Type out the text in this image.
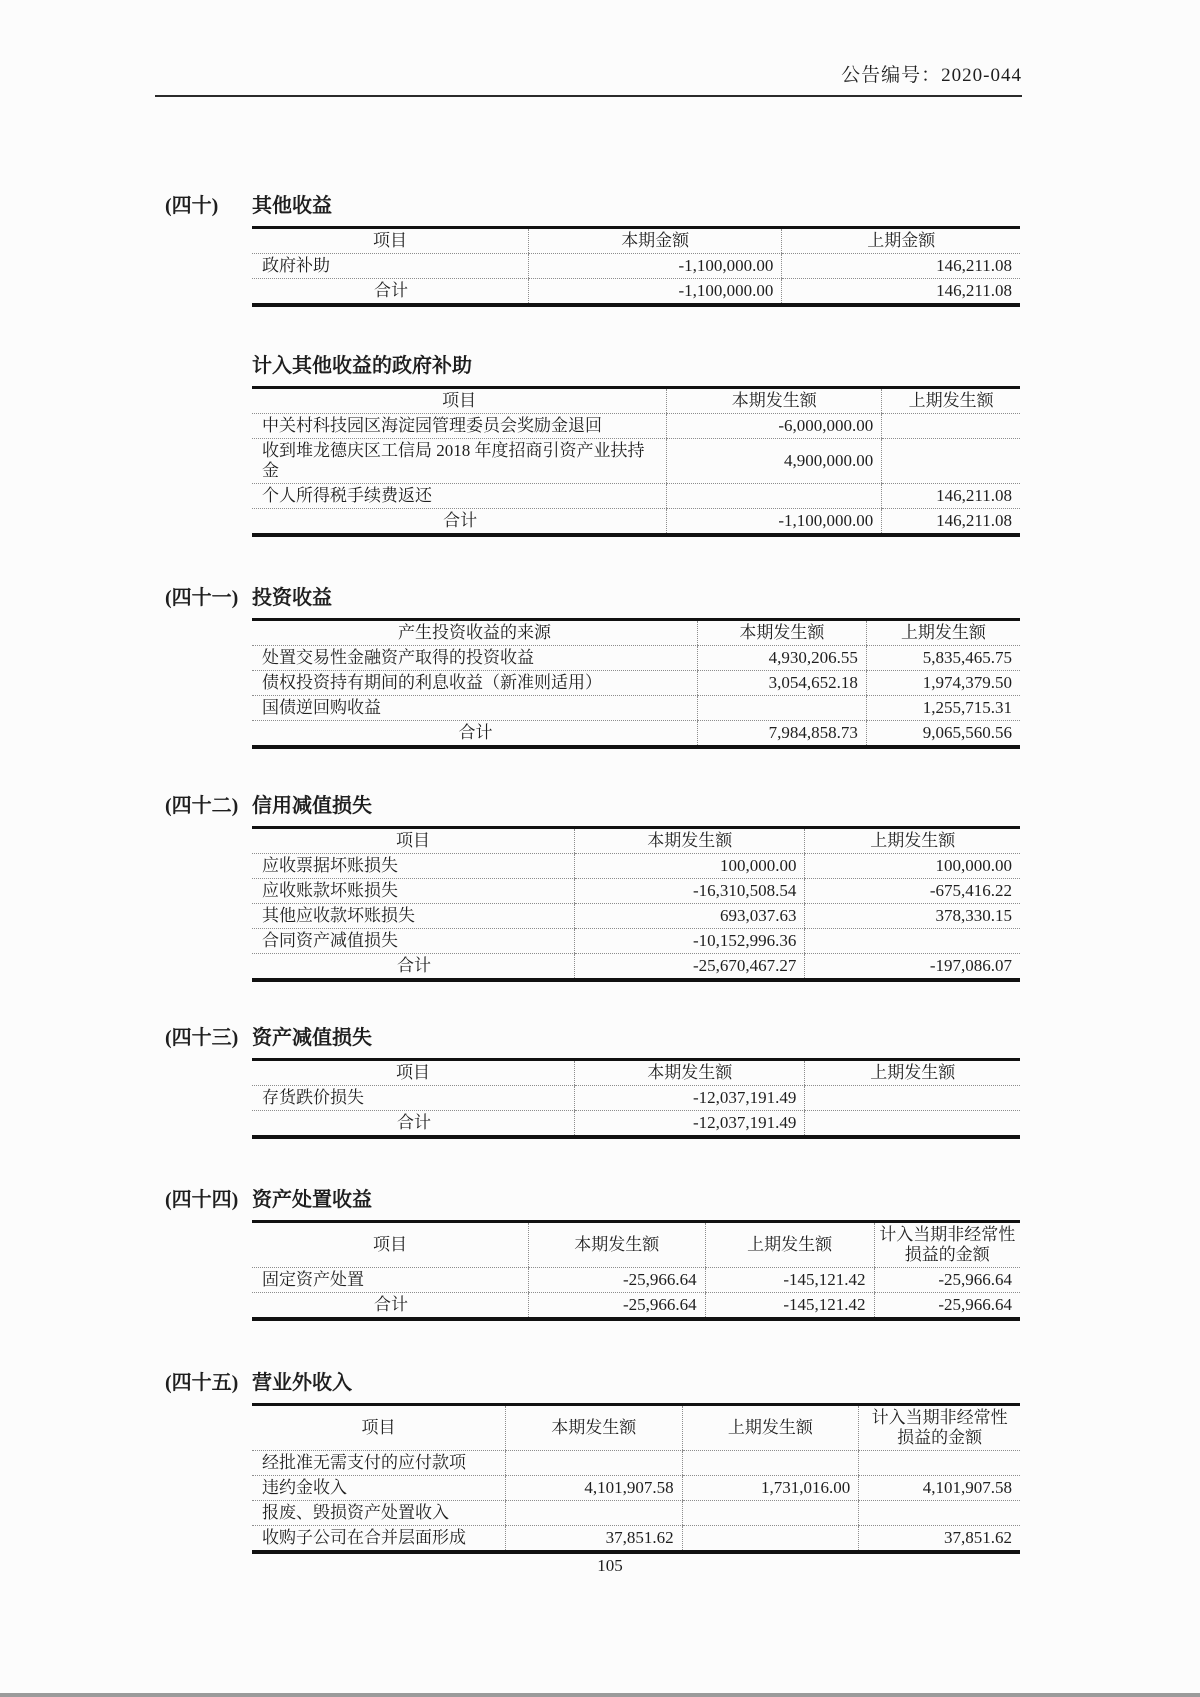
公告编号：2020-044
(四十) 其他收益
项目	本期金额	上期金额
政府补助	-1,100,000.00	146,211.08
合计	-1,100,000.00	146,211.08
计入其他收益的政府补助
项目	本期发生额	上期发生额
中关村科技园区海淀园管理委员会奖励金退回	-6,000,000.00	
收到堆龙德庆区工信局 2018 年度招商引资产业扶持金	4,900,000.00	
个人所得税手续费返还		146,211.08
合计	-1,100,000.00	146,211.08
(四十一) 投资收益
产生投资收益的来源	本期发生额	上期发生额
处置交易性金融资产取得的投资收益	4,930,206.55	5,835,465.75
债权投资持有期间的利息收益（新准则适用）	3,054,652.18	1,974,379.50
国债逆回购收益		1,255,715.31
合计	7,984,858.73	9,065,560.56
(四十二) 信用减值损失
项目	本期发生额	上期发生额
应收票据坏账损失	100,000.00	100,000.00
应收账款坏账损失	-16,310,508.54	-675,416.22
其他应收款坏账损失	693,037.63	378,330.15
合同资产减值损失	-10,152,996.36	
合计	-25,670,467.27	-197,086.07
(四十三) 资产减值损失
项目	本期发生额	上期发生额
存货跌价损失	-12,037,191.49	
合计	-12,037,191.49	
(四十四) 资产处置收益
项目	本期发生额	上期发生额	计入当期非经常性损益的金额
固定资产处置	-25,966.64	-145,121.42	-25,966.64
合计	-25,966.64	-145,121.42	-25,966.64
(四十五) 营业外收入
项目	本期发生额	上期发生额	计入当期非经常性损益的金额
经批准无需支付的应付款项			
违约金收入	4,101,907.58	1,731,016.00	4,101,907.58
报废、毁损资产处置收入			
收购子公司在合并层面形成	37,851.62		37,851.62
105
